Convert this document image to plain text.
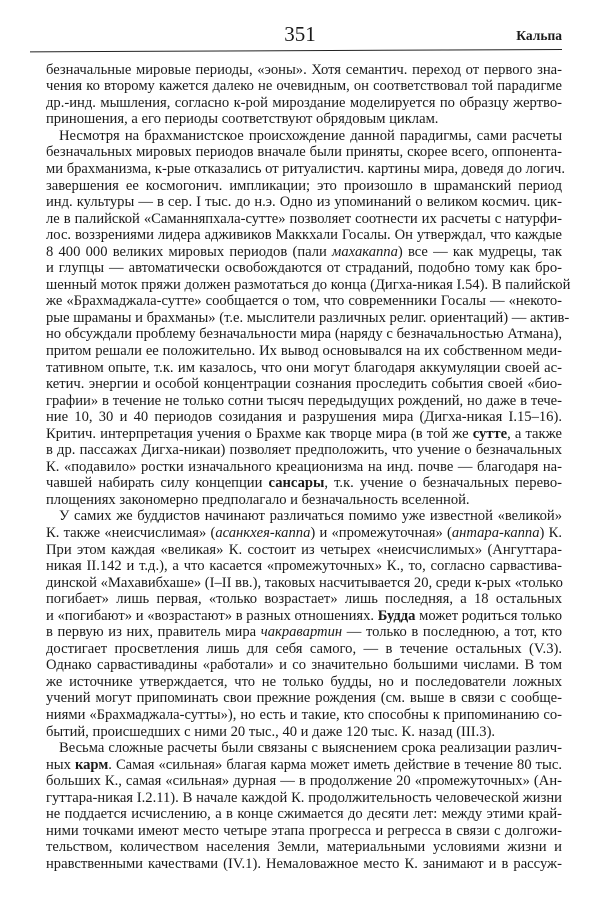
351	Кальпа
безначальные мировые периоды, «эоны». Хотя семантич. переход от первого зна-
чения ко второму кажется далеко не очевидным, он соответствовал той парадигме
др.-инд. мышления, согласно к-рой мироздание моделируется по образцу жертво-
приношения, а его периоды соответствуют обрядовым циклам.
Несмотря на брахманистское происхождение данной парадигмы, сами расчеты
безначальных мировых периодов вначале были приняты, скорее всего, оппонента-
ми брахманизма, к-рые отказались от ритуалистич. картины мира, доведя до логич.
завершения ее космогонич. импликации; это произошло в шраманский период
инд. культуры — в сер. I тыс. до н.э. Одно из упоминаний о великом космич. цик-
ле в палийской «Саманняпхала-сутте» позволяет соотнести их расчеты с натурфи-
лос. воззрениями лидера адживиков Маккхали Госалы. Он утверждал, что каждые
8 400 000 великих мировых периодов (пали махакаппа) все — как мудрецы, так
и глупцы — автоматически освобождаются от страданий, подобно тому как бро-
шенный моток пряжи должен размотаться до конца (Дигха-никая I.54). В палийской
же «Брахмаджала-сутте» сообщается о том, что современники Госалы — «некото-
рые шраманы и брахманы» (т.е. мыслители различных религ. ориентаций) — актив-
но обсуждали проблему безначальности мира (наряду с безначальностью Атмана),
притом решали ее положительно. Их вывод основывался на их собственном меди-
тативном опыте, т.к. им казалось, что они могут благодаря аккумуляции своей ас-
кетич. энергии и особой концентрации сознания проследить события своей «био-
графии» в течение не только сотни тысяч передыдущих рождений, но даже в тече-
ние 10, 30 и 40 периодов созидания и разрушения мира (Дигха-никая I.15–16).
Критич. интерпретация учения о Брахме как творце мира (в той же сутте, а также
в др. пассажах Дигха-никаи) позволяет предположить, что учение о безначальных
К. «подавило» ростки изначального креационизма на инд. почве — благодаря на-
чавшей набирать силу концепции сансары, т.к. учение о безначальных перево-
площениях закономерно предполагало и безначальность вселенной.
У самих же буддистов начинают различаться помимо уже известной «великой»
К. также «неисчислимая» (асанкхея-каппа) и «промежуточная» (антара-каппа) К.
При этом каждая «великая» К. состоит из четырех «неисчислимых» (Ангуттара-
никая II.142 и т.д.), а что касается «промежуточных» К., то, согласно сарвастива-
динской «Махавибхаше» (I–II вв.), таковых насчитывается 20, среди к-рых «только
погибает» лишь первая, «только возрастает» лишь последняя, а 18 остальных
и «погибают» и «возрастают» в разных отношениях. Будда может родиться только
в первую из них, правитель мира чакравартин — только в последнюю, а тот, кто
достигает просветления лишь для себя самого, — в течение остальных (V.3).
Однако сарвастивадины «работали» и со значительно большими числами. В том
же источнике утверждается, что не только будды, но и последователи ложных
учений могут припоминать свои прежние рождения (см. выше в связи с сообще-
ниями «Брахмаджала-сутты»), но есть и такие, кто способны к припоминанию со-
бытий, происшедших с ними 20 тыс., 40 и даже 120 тыс. К. назад (III.3).
Весьма сложные расчеты были связаны с выяснением срока реализации различ-
ных карм. Самая «сильная» благая карма может иметь действие в течение 80 тыс.
больших К., самая «сильная» дурная — в продолжение 20 «промежуточных» (Ан-
гуттара-никая I.2.11). В начале каждой К. продолжительность человеческой жизни
не поддается исчислению, а в конце сжимается до десяти лет: между этими край-
ними точками имеют место четыре этапа прогресса и регресса в связи с долгожи-
тельством, количеством населения Земли, материальными условиями жизни и
нравственными качествами (IV.1). Немаловажное место К. занимают и в рассуж-
